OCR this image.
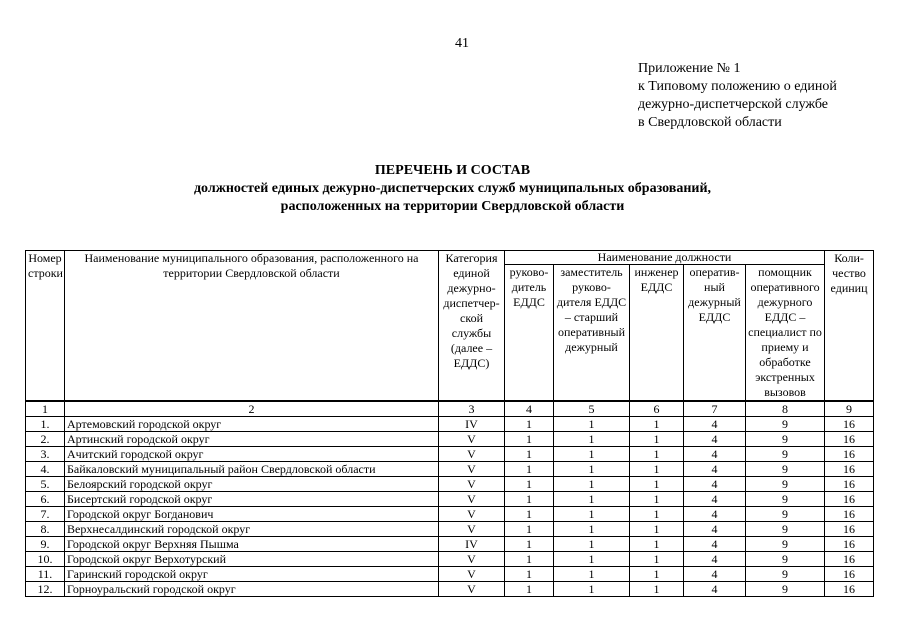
41
Приложение № 1
к Типовому положению о единой
дежурно-диспетчерской службе
в Свердловской области
ПЕРЕЧЕНЬ И СОСТАВ
должностей единых дежурно-диспетчерских служб муниципальных образований,
расположенных на территории Свердловской области
Номер строки	Наименование муниципального образования, расположенного на территории Свердловской области	Категория единой дежурно-диспетчер-ской службы (далее – ЕДДС)	Наименование должности					Коли-чество единиц
			руково-дитель ЕДДС	заместитель руково-дителя ЕДДС – старший оперативный дежурный	инженер ЕДДС	оператив-ный дежурный ЕДДС	помощник оперативного дежурного ЕДДС – специалист по приему и обработке экстренных вызовов	
1	2	3	4	5	6	7	8	9
1.	Артемовский городской округ	IV	1	1	1	4	9	16
2.	Артинский городской округ	V	1	1	1	4	9	16
3.	Ачитский городской округ	V	1	1	1	4	9	16
4.	Байкаловский муниципальный район Свердловской области	V	1	1	1	4	9	16
5.	Белоярский городской округ	V	1	1	1	4	9	16
6.	Бисертский городской округ	V	1	1	1	4	9	16
7.	Городской округ Богданович	V	1	1	1	4	9	16
8.	Верхнесалдинский городской округ	V	1	1	1	4	9	16
9.	Городской округ Верхняя Пышма	IV	1	1	1	4	9	16
10.	Городской округ Верхотурский	V	1	1	1	4	9	16
11.	Гаринский городской округ	V	1	1	1	4	9	16
12.	Горноуральский городской округ	V	1	1	1	4	9	16
